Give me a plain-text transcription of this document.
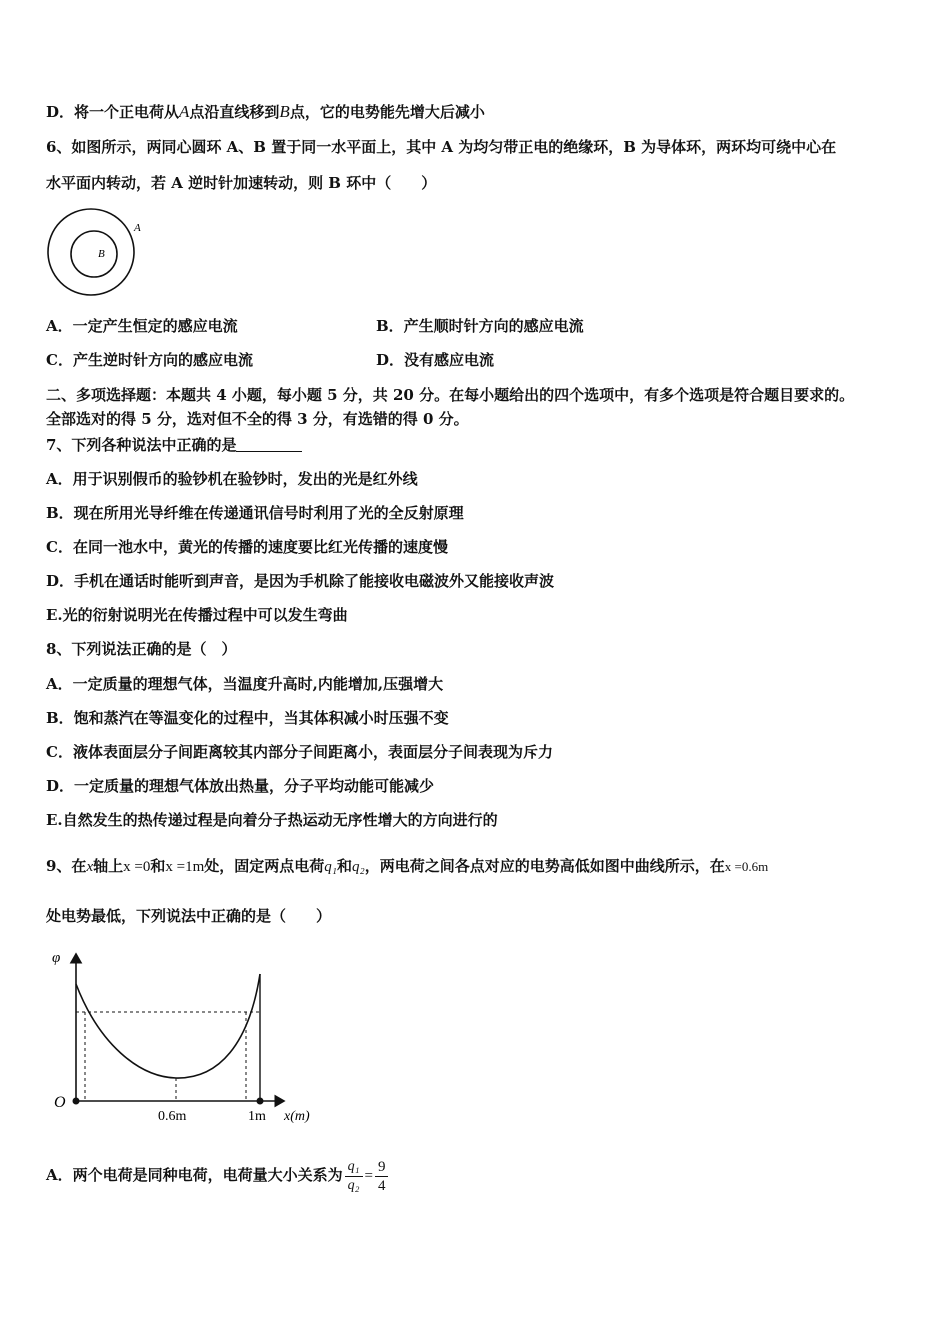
D．将一个正电荷从A点沿直线移到B点，它的电势能先增大后减小
6、如图所示，两同心圆环 A、B 置于同一水平面上，其中 A 为均匀带正电的绝缘环，B 为导体环，两环均可绕中心在
水平面内转动，若 A 逆时针加速转动，则 B 环中（　　）
A
B
A．一定产生恒定的感应电流	B．产生顺时针方向的感应电流
C．产生逆时针方向的感应电流	D．没有感应电流
二、多项选择题：本题共 4 小题，每小题 5 分，共 20 分。在每小题给出的四个选项中，有多个选项是符合题目要求的。
全部选对的得 5 分，选对但不全的得 3 分，有选错的得 0 分。
7、下列各种说法中正确的是
A．用于识别假币的验钞机在验钞时，发出的光是红外线
B．现在所用光导纤维在传递通讯信号时利用了光的全反射原理
C．在同一池水中，黄光的传播的速度要比红光传播的速度慢
D．手机在通话时能听到声音，是因为手机除了能接收电磁波外又能接收声波
E.光的衍射说明光在传播过程中可以发生弯曲
8、下列说法正确的是（　）
A．一定质量的理想气体，当温度升高时,内能增加,压强增大
B．饱和蒸汽在等温变化的过程中，当其体积减小时压强不变
C．液体表面层分子间距离较其内部分子间距离小，表面层分子间表现为斥力
D．一定质量的理想气体放出热量，分子平均动能可能减少
E.自然发生的热传递过程是向着分子热运动无序性增大的方向进行的
9、在x轴上x =0和x =1m处，固定两点电荷q₁和q₂，两电荷之间各点对应的电势高低如图中曲线所示，在x =0.6m
处电势最低，下列说法中正确的是（　　）
φ
O
0.6m	1m x(m)
A．两个电荷是同种电荷，电荷量大小关系为 $\frac{\text{q₁}}{\text{q₂}} = \frac{9}{4}$
